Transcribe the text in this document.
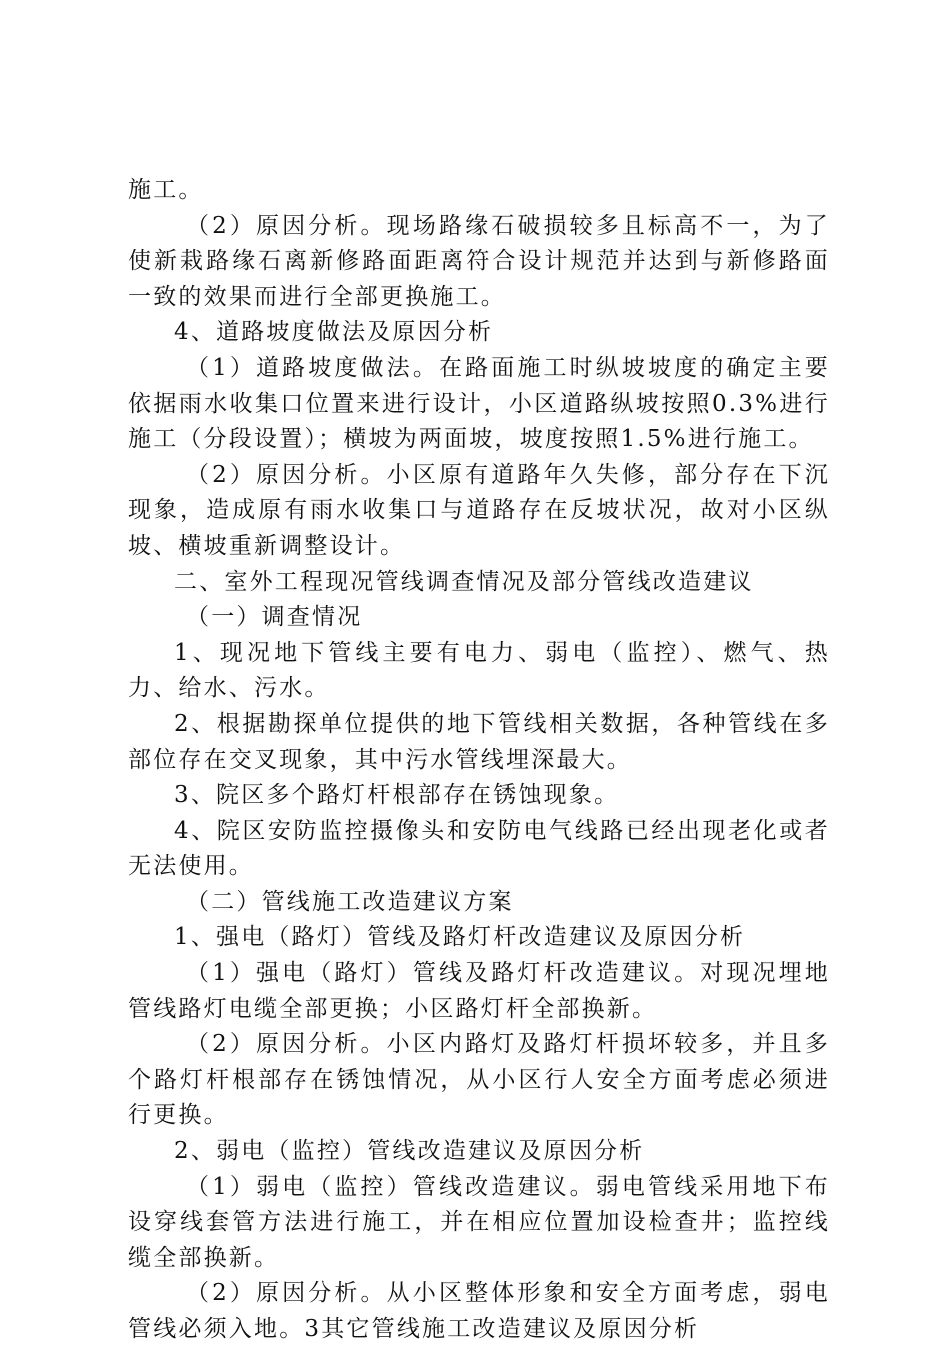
施工。

（2）原因分析。现场路缘石破损较多且标高不一，为了使新栽路缘石离新修路面距离符合设计规范并达到与新修路面一致的效果而进行全部更换施工。

4、道路坡度做法及原因分析

（1）道路坡度做法。在路面施工时纵坡坡度的确定主要依据雨水收集口位置来进行设计，小区道路纵坡按照0.3%进行施工（分段设置）；横坡为两面坡，坡度按照1.5%进行施工。

（2）原因分析。小区原有道路年久失修，部分存在下沉现象，造成原有雨水收集口与道路存在反坡状况，故对小区纵坡、横坡重新调整设计。

二、室外工程现况管线调查情况及部分管线改造建议

（一）调查情况

1、现况地下管线主要有电力、弱电（监控）、燃气、热力、给水、污水。

2、根据勘探单位提供的地下管线相关数据，各种管线在多部位存在交叉现象，其中污水管线埋深最大。

3、院区多个路灯杆根部存在锈蚀现象。

4、院区安防监控摄像头和安防电气线路已经出现老化或者无法使用。

（二）管线施工改造建议方案

1、强电（路灯）管线及路灯杆改造建议及原因分析

（1）强电（路灯）管线及路灯杆改造建议。对现况埋地管线路灯电缆全部更换；小区路灯杆全部换新。

（2）原因分析。小区内路灯及路灯杆损坏较多，并且多个路灯杆根部存在锈蚀情况，从小区行人安全方面考虑必须进行更换。

2、弱电（监控）管线改造建议及原因分析

（1）弱电（监控）管线改造建议。弱电管线采用地下布设穿线套管方法进行施工，并在相应位置加设检查井；监控线缆全部换新。

（2）原因分析。从小区整体形象和安全方面考虑，弱电管线必须入地。3其它管线施工改造建议及原因分析
